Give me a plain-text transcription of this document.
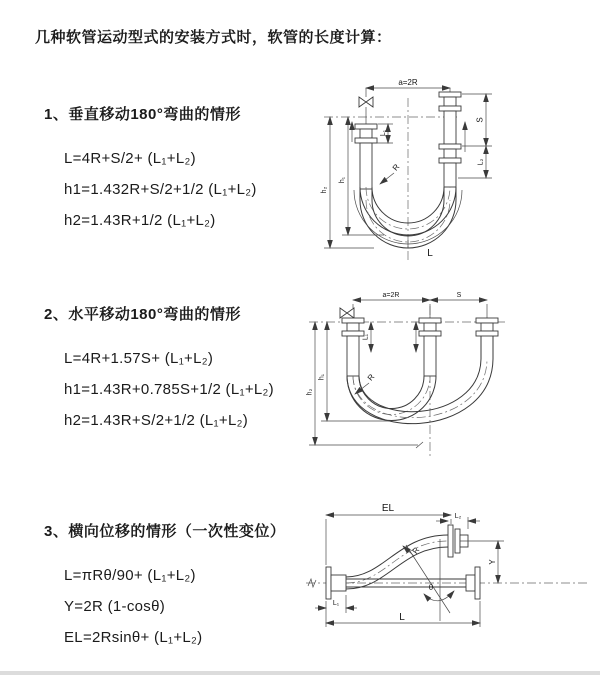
几种软管运动型式的安装方式时，软管的长度计算：
1、垂直移动180°弯曲的情形
L=4R+S/2+ (L₁+L₂)
h1=1.432R+S/2+1/2 (L₁+L₂)
h2=1.43R+1/2 (L₁+L₂)
2、水平移动180°弯曲的情形
L=4R+1.57S+ (L₁+L₂)
h1=1.43R+0.785S+1/2 (L₁+L₂)
h2=1.43R+S/2+1/2 (L₁+L₂)
3、横向位移的情形（一次性变位）
L=πRθ/90+ (L₁+L₂)
Y=2R (1-cosθ)
EL=2Rsinθ+ (L₁+L₂)
a=2R
L
h₁
h₂
L₁
S
L₂
R
a=2R	S
L₁
h₁
h₂
R
L₁
EL
L₂
θ
R
Y
L
